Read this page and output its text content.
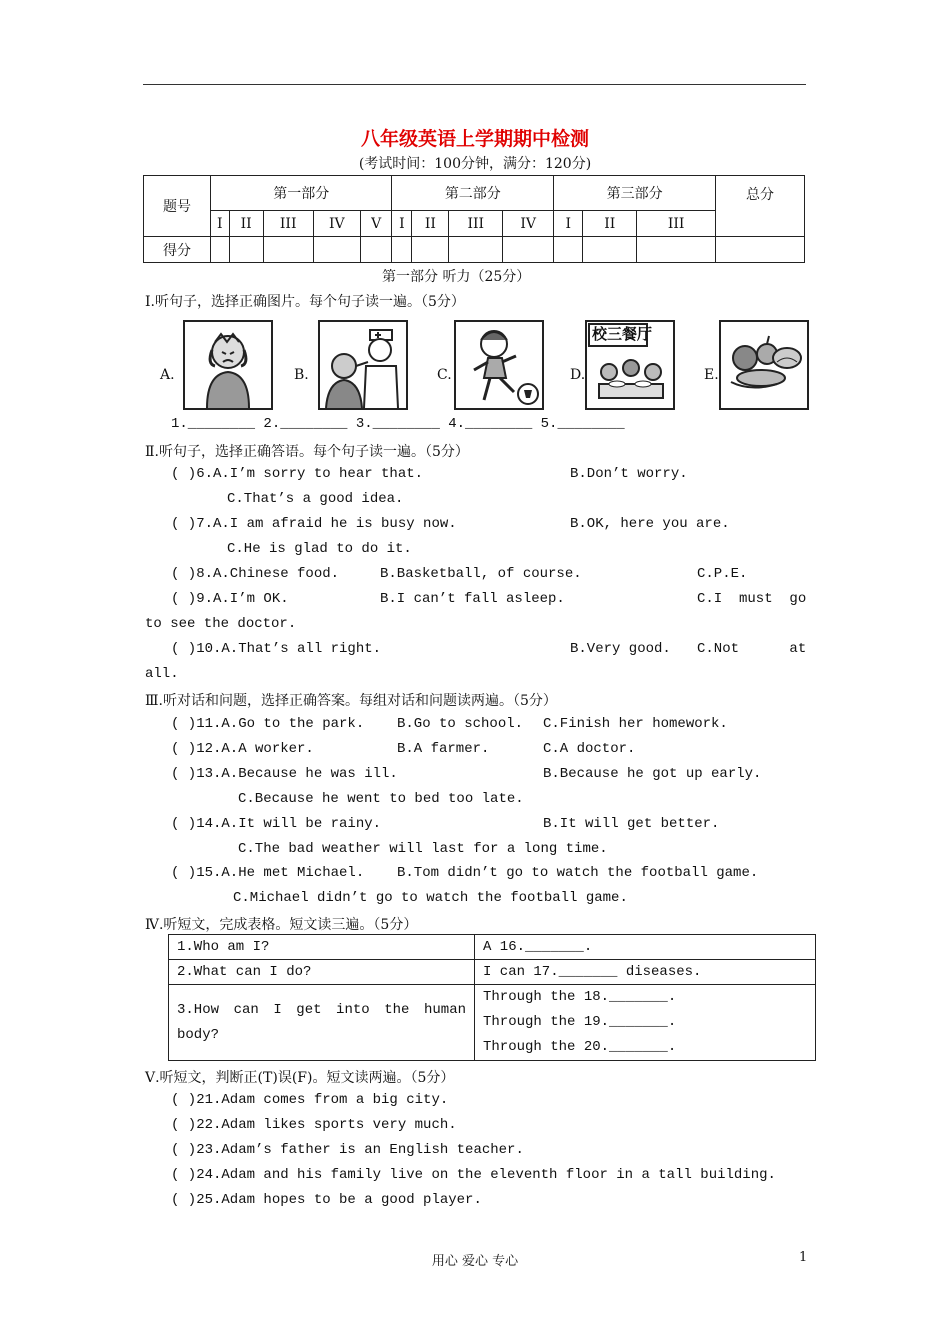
八年级英语上学期期中检测
(考试时间：100分钟，满分：120分)
题号	第一部分					第二部分				第三部分			总分
	I	II	III	IV	V	I	II	III	IV	I	II	III	
得分													
第一部分 听力（25分）
Ⅰ.听句子，选择正确图片。每个句子读一遍。（5分）
A.	B.	C.	D.
校三餐厅
E.
1.________ 2.________ 3.________ 4.________ 5.________
Ⅱ.听句子，选择正确答语。每个句子读一遍。（5分）
( )6.A.I’m sorry to hear that.	B.Don’t worry.
C.That’s a good idea.
( )7.A.I am afraid he is busy now.	B.OK, here you are.
C.He is glad to do it.
( )8.A.Chinese food.	B.Basketball, of course.	C.P.E.
( )9.A.I’m OK.	B.I can’t fall asleep.	C.I  must  go
to see the doctor.
( )10.A.That’s all right.	B.Very good. C.Not      at
all.
Ⅲ.听对话和问题，选择正确答案。每组对话和问题读两遍。（5分）
( )11.A.Go to the park. B.Go to school. C.Finish her homework.
( )12.A.A worker.	B.A farmer.	C.A doctor.
( )13.A.Because he was ill.	B.Because he got up early.
C.Because he went to bed too late.
( )14.A.It will be rainy.	B.It will get better.
C.The bad weather will last for a long time.
( )15.A.He met Michael. B.Tom didn’t go to watch the football game.
C.Michael didn’t go to watch the football game.
Ⅳ.听短文，完成表格。短文读三遍。（5分）
1.Who am I?	A 16._______.
2.What can I do?	I can 17._______ diseases.
3.How can I get into the human body?	Through the 18._______.
Through the 19._______.
Through the 20._______.
Ⅴ.听短文，判断正(T)误(F)。短文读两遍。（5分）
( )21.Adam comes from a big city.
( )22.Adam likes sports very much.
( )23.Adam’s father is an English teacher.
( )24.Adam and his family live on the eleventh floor in a tall building.
( )25.Adam hopes to be a good player.
用心 爱心 专心	1
